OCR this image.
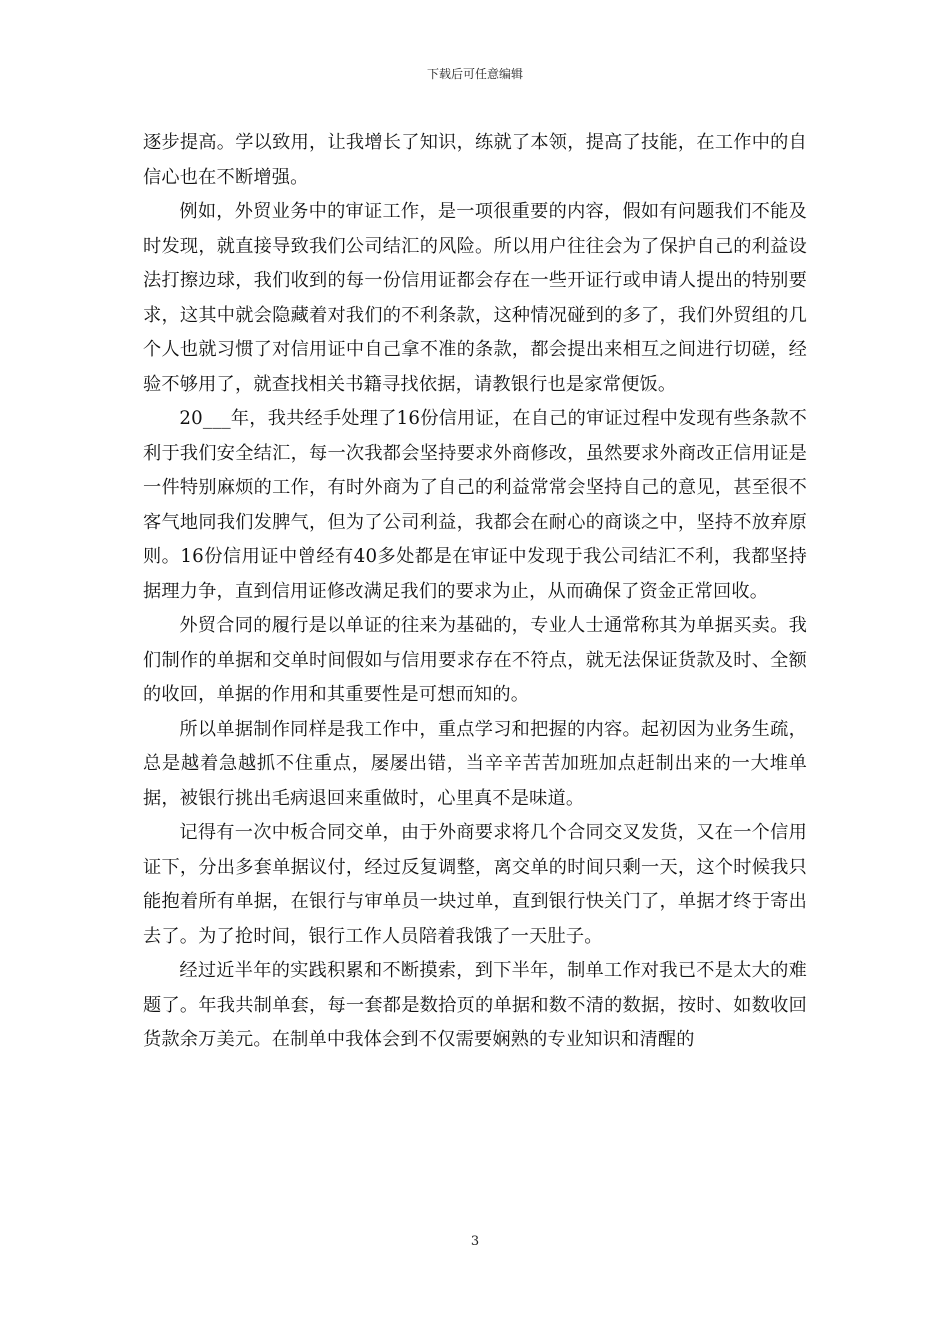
下载后可任意编辑

逐步提高。学以致用，让我增长了知识，练就了本领，提高了技能，在工作中的自信心也在不断增强。

例如，外贸业务中的审证工作，是一项很重要的内容，假如有问题我们不能及时发现，就直接导致我们公司结汇的风险。所以用户往往会为了保护自己的利益设法打擦边球，我们收到的每一份信用证都会存在一些开证行或申请人提出的特别要求，这其中就会隐藏着对我们的不利条款，这种情况碰到的多了，我们外贸组的几个人也就习惯了对信用证中自己拿不准的条款，都会提出来相互之间进行切磋，经验不够用了，就查找相关书籍寻找依据，请教银行也是家常便饭。

20___年，我共经手处理了16份信用证，在自己的审证过程中发现有些条款不利于我们安全结汇，每一次我都会坚持要求外商修改，虽然要求外商改正信用证是一件特别麻烦的工作，有时外商为了自己的利益常常会坚持自己的意见，甚至很不客气地同我们发脾气，但为了公司利益，我都会在耐心的商谈之中，坚持不放弃原则。16份信用证中曾经有40多处都是在审证中发现于我公司结汇不利，我都坚持据理力争，直到信用证修改满足我们的要求为止，从而确保了资金正常回收。

外贸合同的履行是以单证的往来为基础的，专业人士通常称其为单据买卖。我们制作的单据和交单时间假如与信用要求存在不符点，就无法保证货款及时、全额的收回，单据的作用和其重要性是可想而知的。

所以单据制作同样是我工作中，重点学习和把握的内容。起初因为业务生疏，总是越着急越抓不住重点，屡屡出错，当辛辛苦苦加班加点赶制出来的一大堆单据，被银行挑出毛病退回来重做时，心里真不是味道。

记得有一次中板合同交单，由于外商要求将几个合同交叉发货，又在一个信用证下，分出多套单据议付，经过反复调整，离交单的时间只剩一天，这个时候我只能抱着所有单据，在银行与审单员一块过单，直到银行快关门了，单据才终于寄出去了。为了抢时间，银行工作人员陪着我饿了一天肚子。

经过近半年的实践积累和不断摸索，到下半年，制单工作对我已不是太大的难题了。年我共制单套，每一套都是数拾页的单据和数不清的数据，按时、如数收回货款余万美元。在制单中我体会到不仅需要娴熟的专业知识和清醒的

3
